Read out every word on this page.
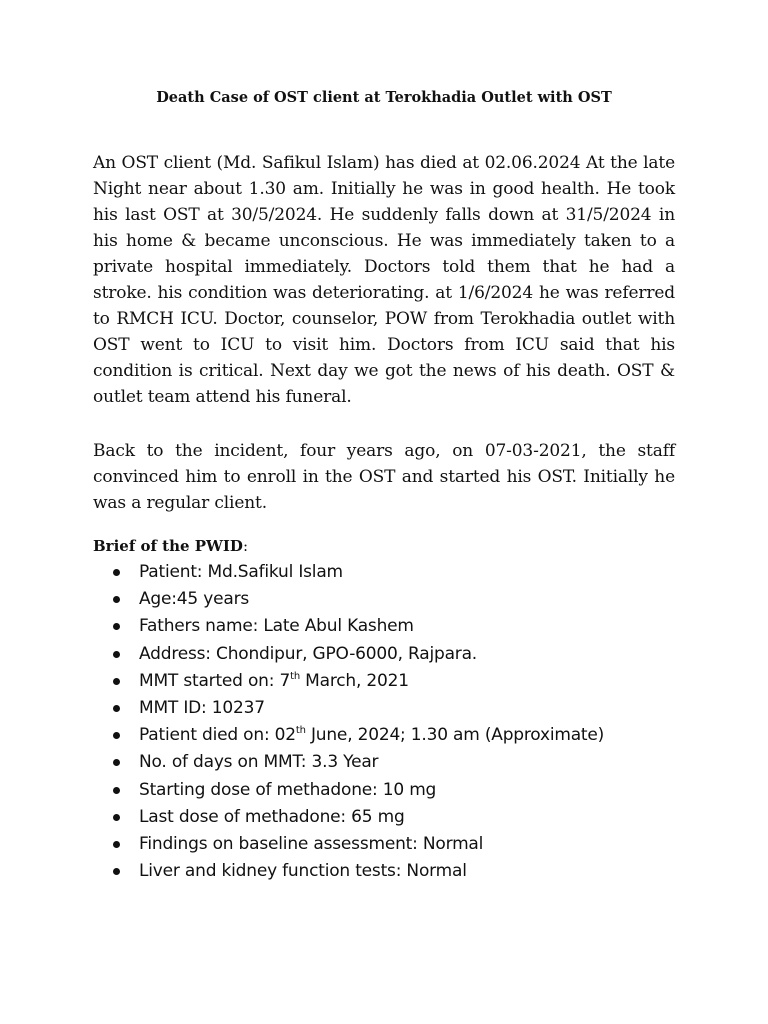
Death Case of OST client at Terokhadia Outlet with OST

An OST client (Md. Safikul Islam) has died at 02.06.2024 At the late Night near about 1.30 am. Initially he was in good health. He took his last OST at 30/5/2024. He suddenly falls down at 31/5/2024 in his home & became unconscious. He was immediately taken to a private hospital immediately. Doctors told them that he had a stroke. his condition was deteriorating. at 1/6/2024 he was referred to RMCH ICU. Doctor, counselor, POW from Terokhadia outlet with OST went to ICU to visit him. Doctors from ICU said that his condition is critical. Next day we got the news of his death. OST & outlet team attend his funeral.

Back to the incident, four years ago, on 07-03-2021, the staff convinced him to enroll in the OST and started his OST. Initially he was a regular client.

Brief of the PWID:

Patient: Md.Safikul Islam
Age:45 years
Fathers name: Late Abul Kashem
Address: Chondipur, GPO-6000, Rajpara.
MMT started on: 7th March, 2021
MMT ID: 10237
Patient died on: 02th June, 2024; 1.30 am (Approximate)
No. of days on MMT: 3.3 Year
Starting dose of methadone: 10 mg
Last dose of methadone: 65 mg
Findings on baseline assessment: Normal
Liver and kidney function tests: Normal
